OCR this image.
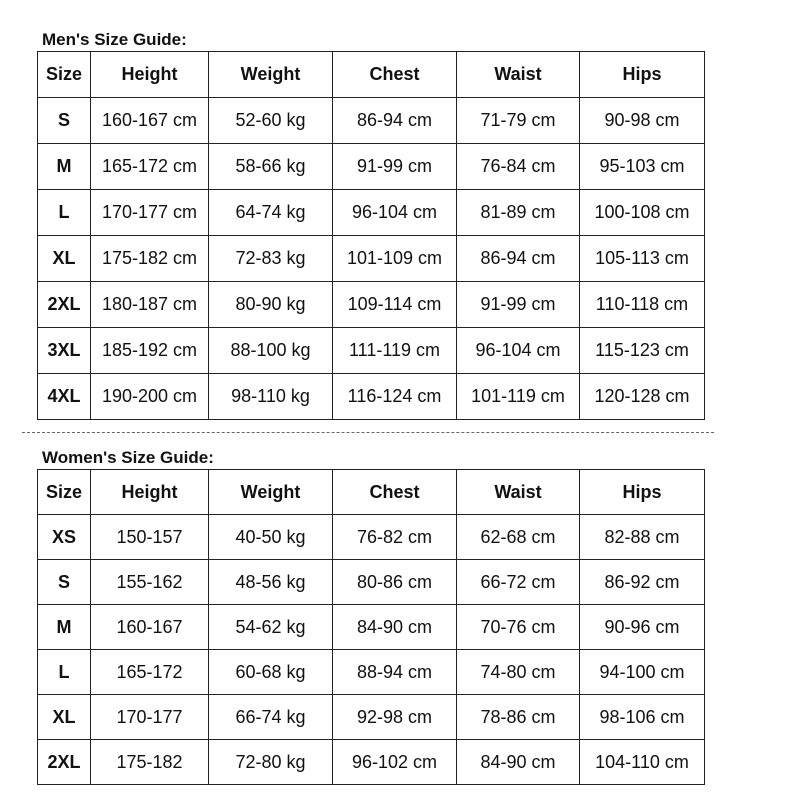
Men's Size Guide:
Size	Height	Weight	Chest	Waist	Hips
S	160-167 cm	52-60 kg	86-94 cm	71-79 cm	90-98 cm
M	165-172 cm	58-66 kg	91-99 cm	76-84 cm	95-103 cm
L	170-177 cm	64-74 kg	96-104 cm	81-89 cm	100-108 cm
XL	175-182 cm	72-83 kg	101-109 cm	86-94 cm	105-113 cm
2XL	180-187 cm	80-90 kg	109-114 cm	91-99 cm	110-118 cm
3XL	185-192 cm	88-100 kg	111-119 cm	96-104 cm	115-123 cm
4XL	190-200 cm	98-110 kg	116-124 cm	101-119 cm	120-128 cm
Women's Size Guide:
Size	Height	Weight	Chest	Waist	Hips
XS	150-157	40-50 kg	76-82 cm	62-68 cm	82-88 cm
S	155-162	48-56 kg	80-86 cm	66-72 cm	86-92 cm
M	160-167	54-62 kg	84-90 cm	70-76 cm	90-96 cm
L	165-172	60-68 kg	88-94 cm	74-80 cm	94-100 cm
XL	170-177	66-74 kg	92-98 cm	78-86 cm	98-106 cm
2XL	175-182	72-80 kg	96-102 cm	84-90 cm	104-110 cm
